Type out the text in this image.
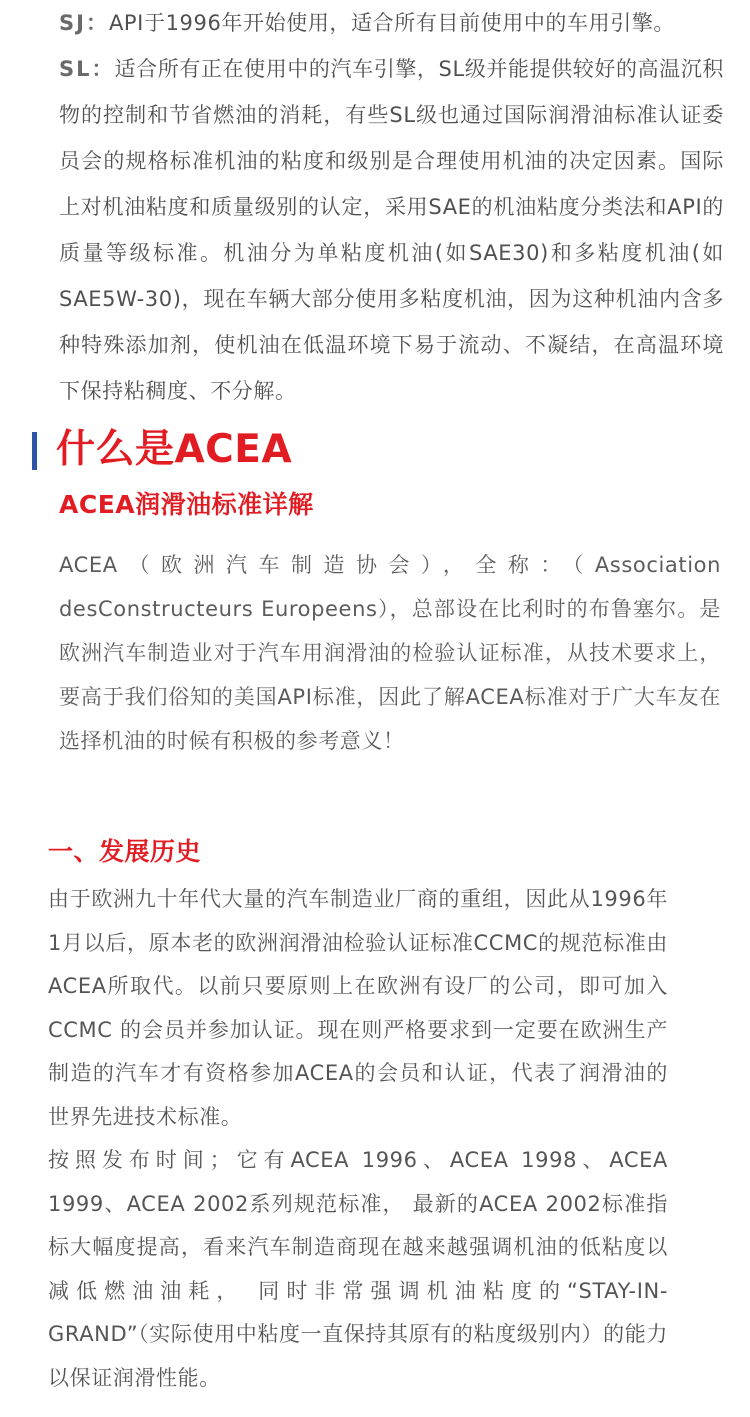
SJ：API于1996年开始使用，适合所有目前使用中的车用引擎。

SL：适合所有正在使用中的汽车引擎，SL级并能提供较好的高温沉积物的控制和节省燃油的消耗，有些SL级也通过国际润滑油标准认证委员会的规格标准机油的粘度和级别是合理使用机油的决定因素。国际上对机油粘度和质量级别的认定，采用SAE的机油粘度分类法和API的质量等级标准。机油分为单粘度机油(如SAE30)和多粘度机油(如SAE5W-30)，现在车辆大部分使用多粘度机油，因为这种机油内含多种特殊添加剂，使机油在低温环境下易于流动、不凝结，在高温环境下保持粘稠度、不分解。

什么是ACEA
ACEA润滑油标准详解

ACEA（欧洲汽车制造协会），全称：（Association desConstructeurs Europeens），总部设在比利时的布鲁塞尔。是欧洲汽车制造业对于汽车用润滑油的检验认证标准，从技术要求上，要高于我们俗知的美国API标准，因此了解ACEA标准对于广大车友在选择机油的时候有积极的参考意义！

一、发展历史

由于欧洲九十年代大量的汽车制造业厂商的重组，因此从1996年1月以后，原本老的欧洲润滑油检验认证标准CCMC的规范标准由ACEA所取代。以前只要原则上在欧洲有设厂的公司，即可加入CCMC 的会员并参加认证。现在则严格要求到一定要在欧洲生产制造的汽车才有资格参加ACEA的会员和认证，代表了润滑油的世界先进技术标准。

按照发布时间；它有ACEA 1996、ACEA 1998、ACEA 1999、ACEA 2002系列规范标准， 最新的ACEA 2002标准指标大幅度提高，看来汽车制造商现在越来越强调机油的低粘度以减低燃油油耗， 同时非常强调机油粘度的“STAY-IN-GRAND”（实际使用中粘度一直保持其原有的粘度级别内）的能力以保证润滑性能。
